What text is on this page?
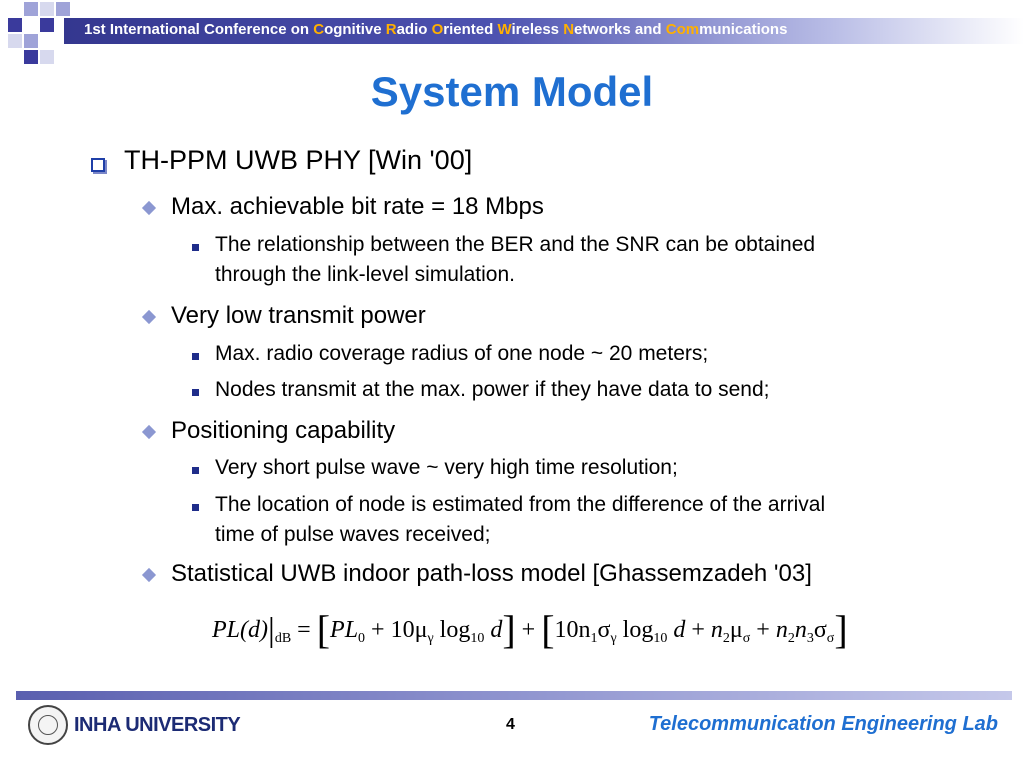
1st International Conference on Cognitive Radio Oriented Wireless Networks and Communications
System Model
TH-PPM UWB PHY [Win '00]
Max. achievable bit rate = 18 Mbps
The relationship between the BER and the SNR can be obtained
through the link-level simulation.
Very low transmit power
Max. radio coverage radius of one node ~ 20 meters;
Nodes transmit at the max. power if they have data to send;
Positioning capability
Very short pulse wave ~ very high time resolution;
The location of node is estimated from the difference of the arrival
time of pulse waves received;
Statistical UWB indoor path-loss model [Ghassemzadeh '03]
$PL(d)|_{dB} = [PL_0 + 10\mu_\gamma$ $\log_{10} d] + [10n_1\sigma_\gamma$ $\log_{10} d + n_2\mu_\sigma + n_2n_3\sigma_\sigma$]
INHA UNIVERSITY	4	Telecommunication Engineering Lab
